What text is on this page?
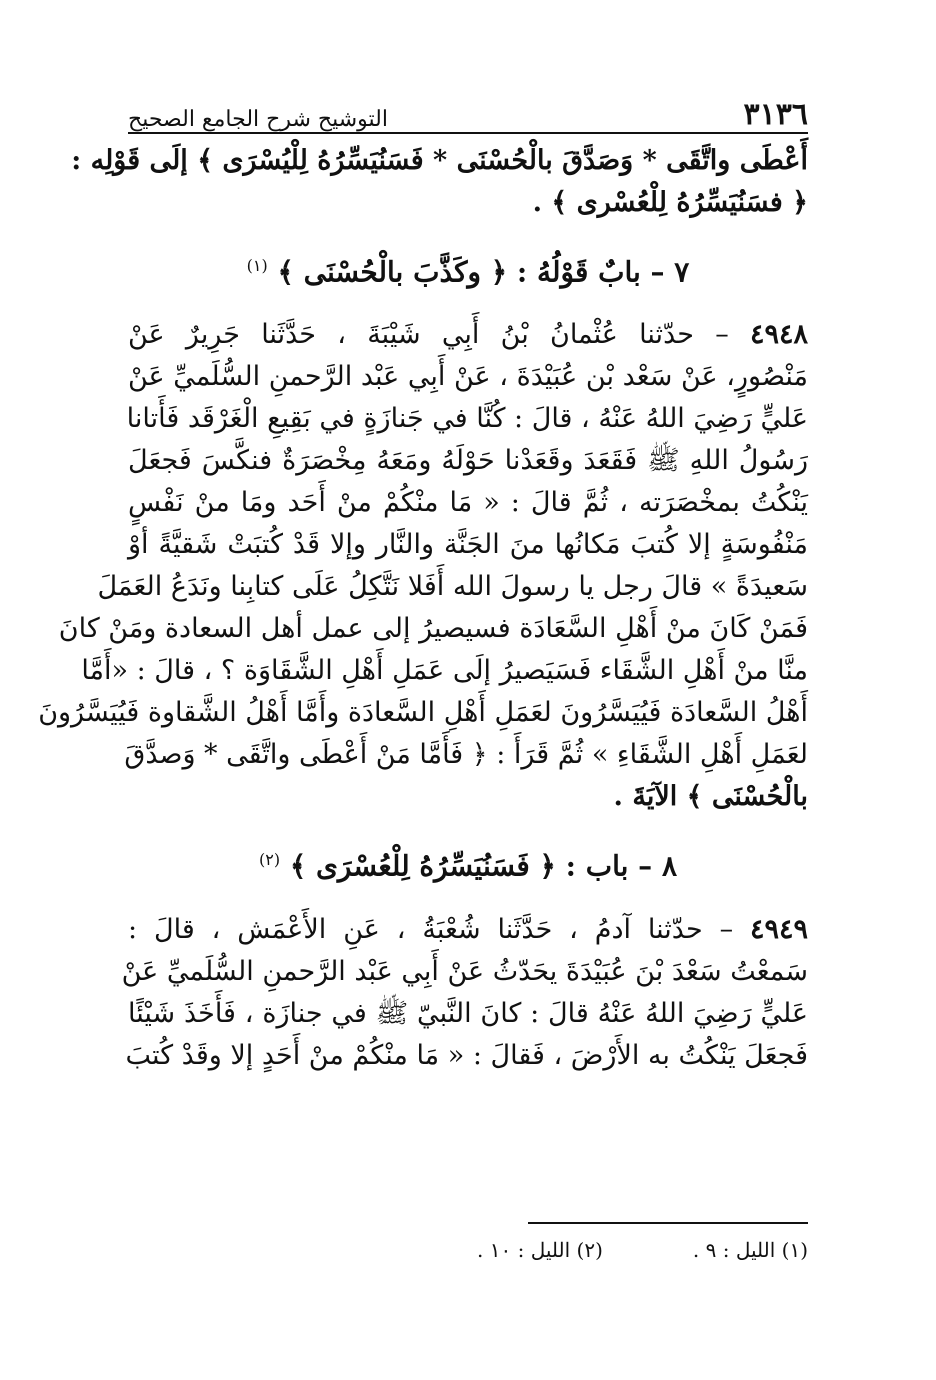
٣١٣٦
التوشيح شرح الجامع الصحيح
أَعْطَى واتَّقَى * وَصَدَّقَ بالْحُسْنَى * فَسَنُيَسِّرُهُ لِلْيُسْرَى ﴾ إلَى قَوْلِه :
﴿ فسَنُيَسِّرُهُ لِلْعُسْرى ﴾ .
٧ – بابٌ قَوْلُهُ : ﴿ وكَذَّبَ بالْحُسْنَى ﴾ $^{(١)}$
٤٩٤٨ – حدّثنا عُثْمانُ بْنُ أَبِي شَيْبَةَ ، حَدَّثَنا جَرِيرٌ عَنْ
مَنْصُورٍ، عَنْ سَعْد بْن عُبَيْدَةَ ، عَنْ أَبِي عَبْد الرَّحمنِ السُّلَميِّ عَنْ
عَليٍّ رَضِيَ اللهُ عَنْهُ ، قالَ : كُنَّا في جَنازَةٍ في بَقِيعِ الْغَرْقَد فَأَتانا
رَسُولُ اللهِ ﷺ فَقَعَدَ وقَعَدْنا حَوْلَهُ ومَعَهُ مِخْصَرَةٌ فنكَّسَ فَجعَلَ
يَنْكُتُ بمخْصَرَته ، ثُمَّ قالَ : « مَا منْكُمْ منْ أَحَد ومَا منْ نَفْسٍ
مَنْفُوسَةٍ إلا كُتبَ مَكانُها منَ الجَنَّة والنَّار وإلا قَدْ كُتبَتْ شَقيَّةً أوْ
سَعيدَةً » قالَ رجل يا رسولَ الله أَفَلا نَتَّكِلُ عَلَى كتابِنا ونَدَعُ العَمَلَ
فَمَنْ كَانَ منْ أَهْلِ السَّعَادَة فسيصيرُ إلى عمل أهل السعادة ومَنْ كانَ
منَّا منْ أَهْلِ الشَّقَاء فَسَيَصيرُ إلَى عَمَلِ أَهْلِ الشَّقَاوَة ؟ ، قالَ : «أَمَّا
أَهْلُ السَّعادَة فَيُيَسَّرُونَ لعَمَلِ أَهْلِ السَّعادَة وأَمَّا أَهْلُ الشَّقاوة فَيُيَسَّرُونَ
لعَمَلِ أَهْلِ الشَّقَاءِ » ثُمَّ قَرَأَ : ﴿ فَأَمَّا مَنْ أَعْطَى واتَّقَى * وَصدَّقَ
بالْحُسْنَى ﴾ الآيَةَ .
٨ – باب : ﴿ فَسَنُيَسِّرُهُ لِلْعُسْرَى ﴾ $^{(٢)}$
٤٩٤٩ – حدّثنا آدمُ ، حَدَّثَنا شُعْبَةُ ، عَنِ الأَعْمَش ، قالَ :
سَمعْتُ سَعْدَ بْنَ عُبَيْدَةَ يحَدّثُ عَنْ أَبِي عَبْد الرَّحمنِ السُّلَميِّ عَنْ
عَليٍّ رَضِيَ اللهُ عَنْهُ قالَ : كانَ النَّبيّ ﷺ في جنازَة ، فَأَخَذَ شَيْئًا
فَجعَلَ يَنْكُتُ به الأَرْضَ ، فَقالَ : « مَا منْكُمْ منْ أَحَدٍ إلا وقَدْ كُتبَ
(١) الليل : ٩ .
(٢) الليل : ١٠ .
